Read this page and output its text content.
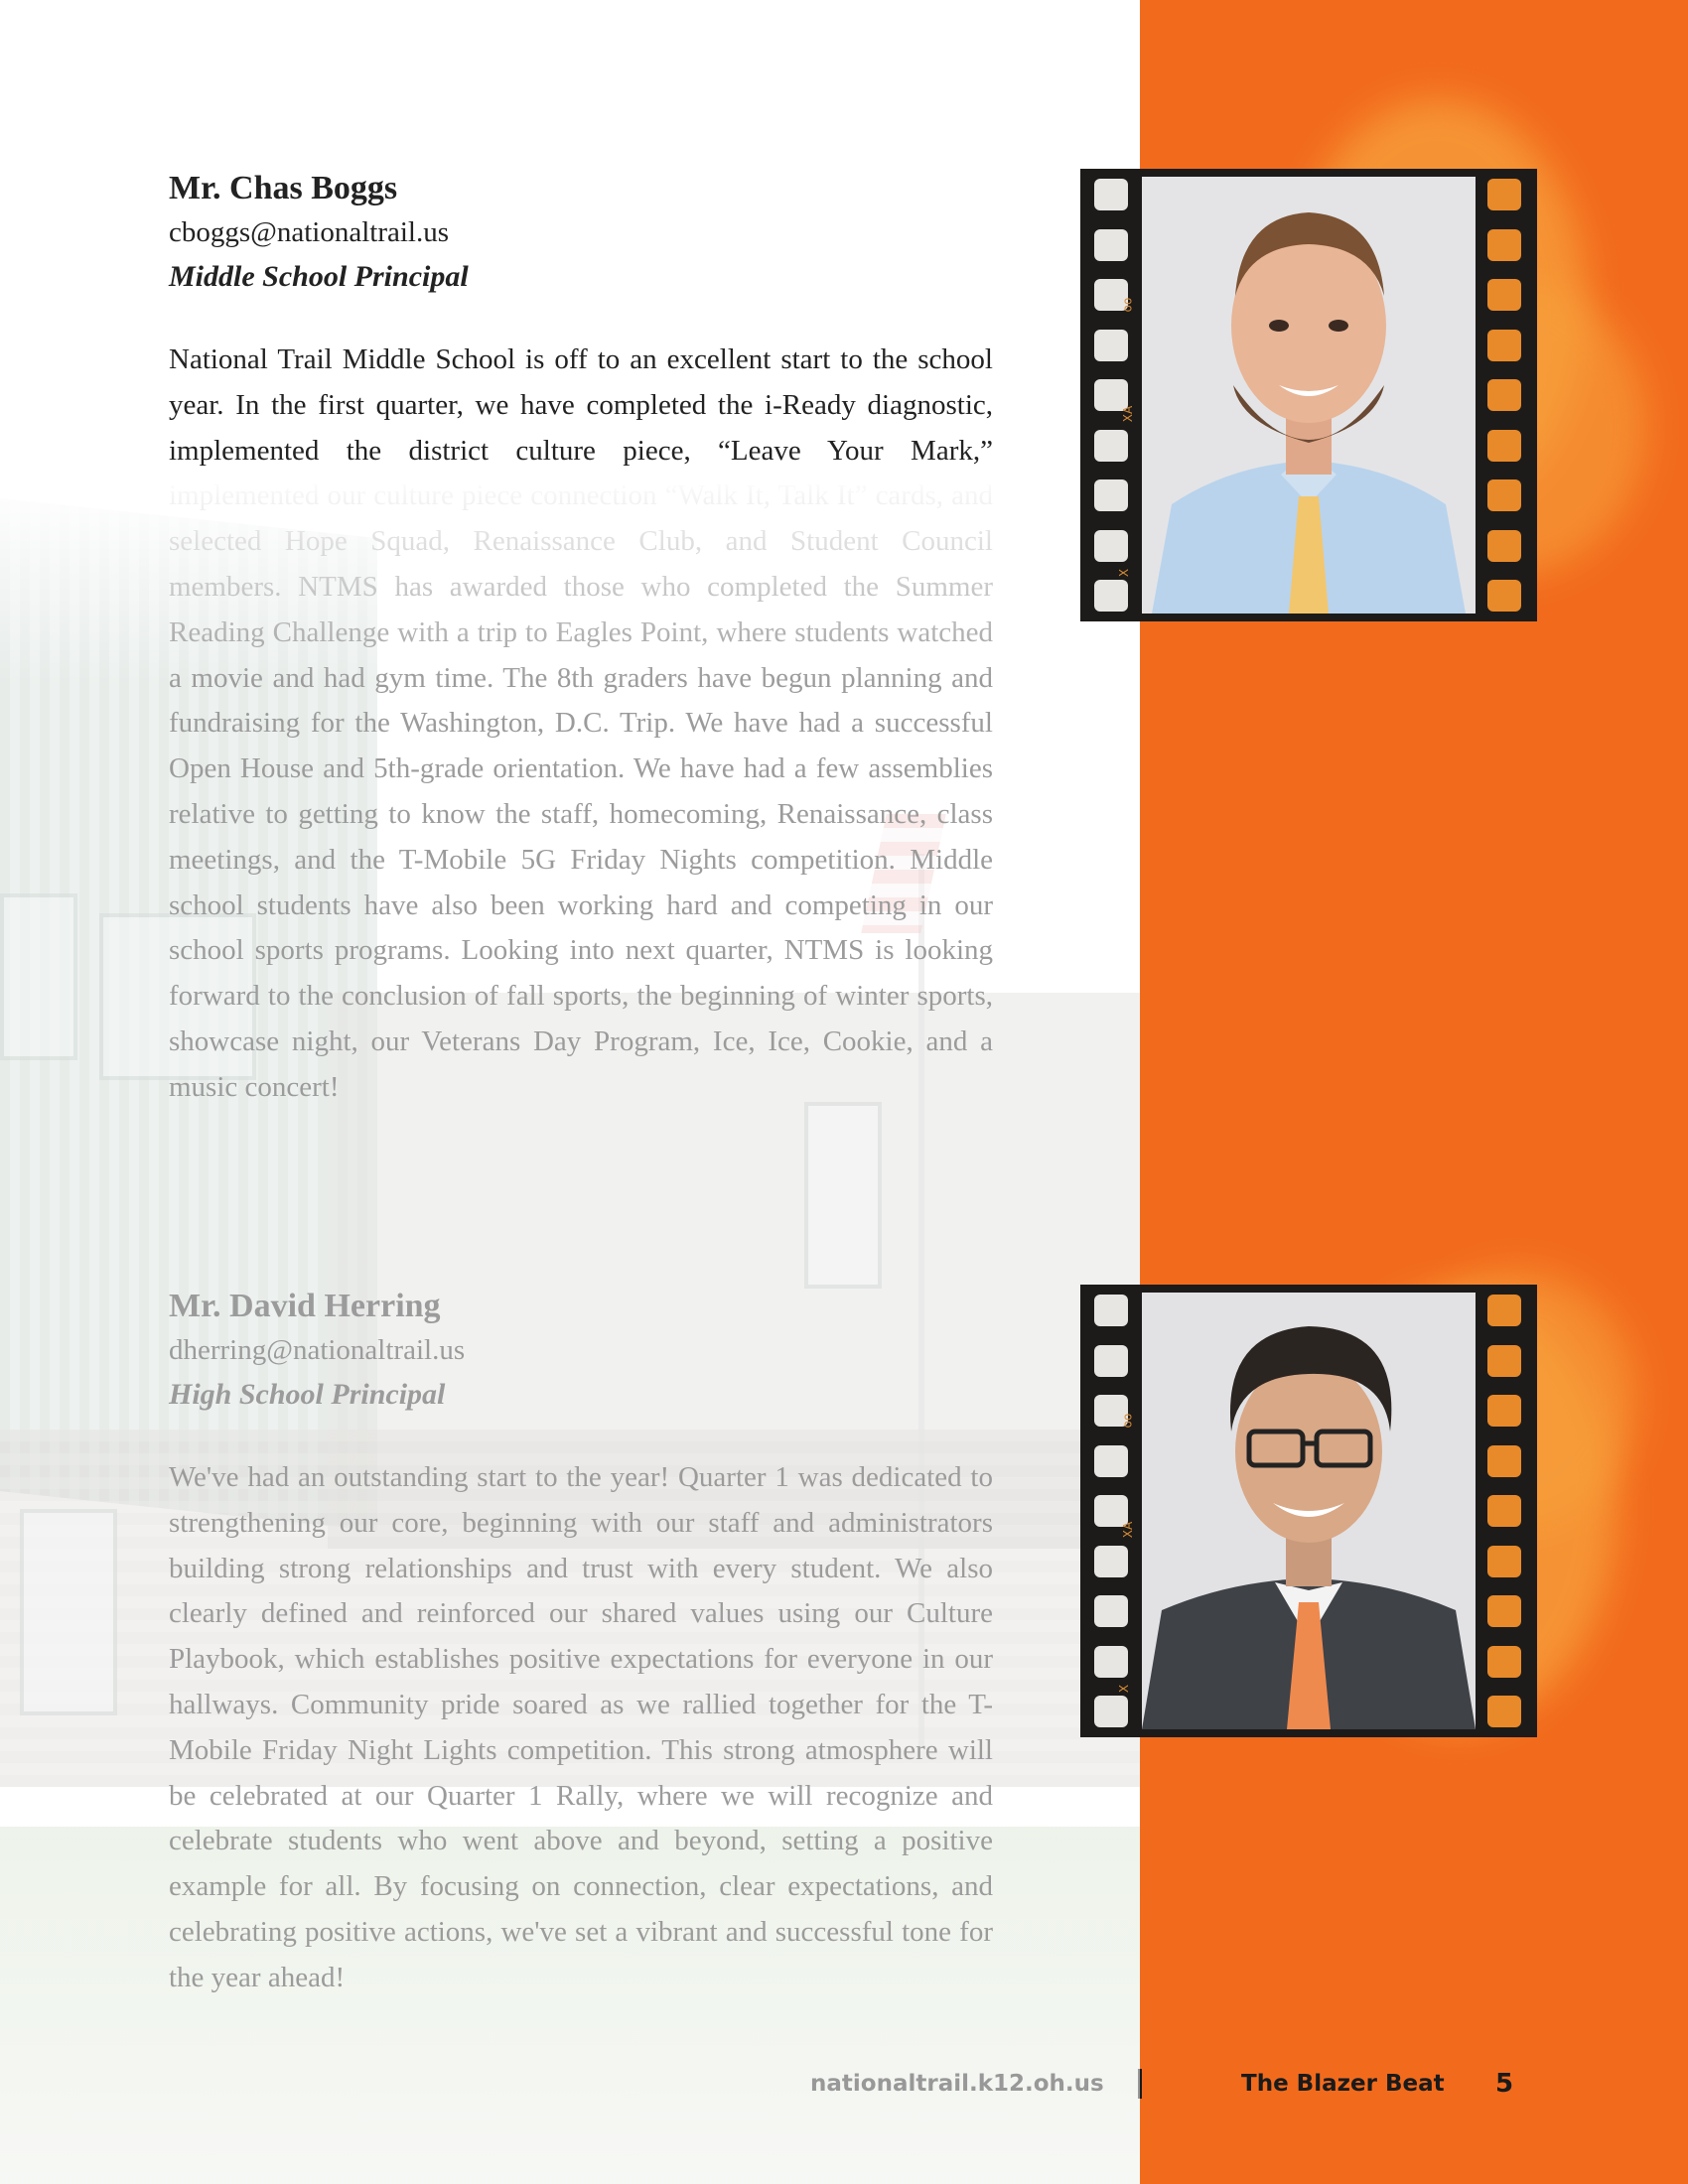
Mr. Chas Boggs

cboggs@nationaltrail.us

Middle School Principal

National Trail Middle School is off to an excellent start to the school year. In the first quarter, we have completed the i-Ready diagnostic, implemented the district culture piece, “Leave Your Mark,”

oo
XA
X

oo
XA
X
The Blazer Beat 5
